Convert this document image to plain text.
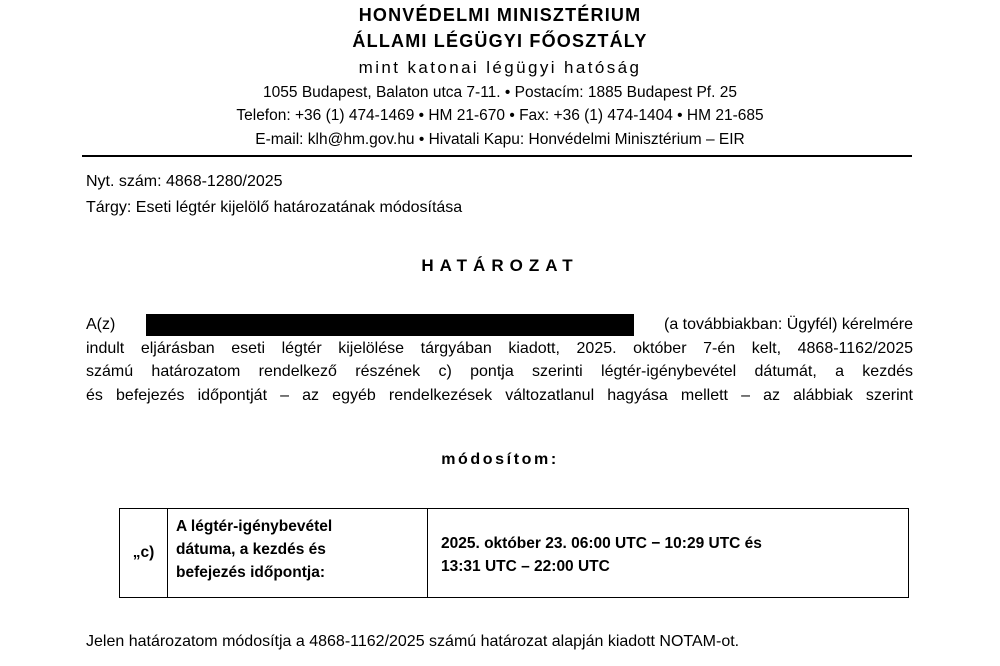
HONVÉDELMI MINISZTÉRIUM
ÁLLAMI LÉGÜGYI FŐOSZTÁLY
mint katonai légügyi hatóság
1055 Budapest, Balaton utca 7-11. • Postacím: 1885 Budapest Pf. 25
Telefon: +36 (1) 474-1469 • HM 21-670 • Fax: +36 (1) 474-1404 • HM 21-685
E-mail: klh@hm.gov.hu • Hivatali Kapu: Honvédelmi Minisztérium – EIR
Nyt. szám: 4868-1280/2025
Tárgy: Eseti légtér kijelölő határozatának módosítása
HATÁROZAT
A(z)	(a továbbiakban: Ügyfél) kérelmére
indult eljárásban eseti légtér kijelölése tárgyában kiadott, 2025. október 7-én kelt, 4868-1162/2025
számú határozatom rendelkező részének c) pontja szerinti légtér-igénybevétel dátumát, a kezdés
és befejezés időpontját – az egyéb rendelkezések változatlanul hagyása mellett – az alábbiak szerint
módosítom:
„c)
A légtér-igénybevétel
dátuma, a kezdés és
befejezés időpontja:
2025. október 23. 06:00 UTC − 10:29 UTC és
13:31 UTC – 22:00 UTC
Jelen határozatom módosítja a 4868-1162/2025 számú határozat alapján kiadott NOTAM-ot.
